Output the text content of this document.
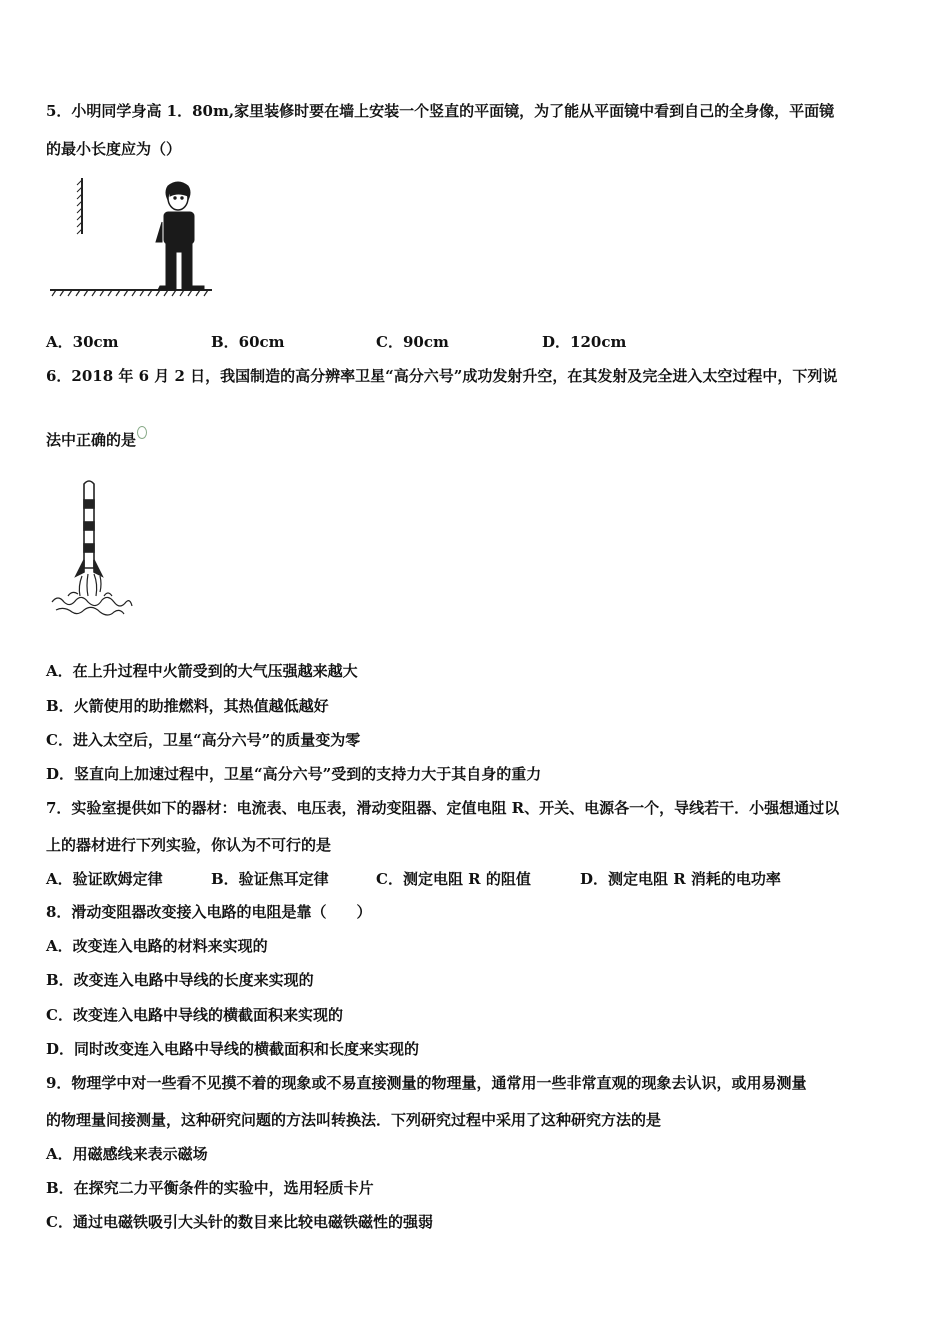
5．小明同学身高 1．80m,家里装修时要在墙上安装一个竖直的平面镜，为了能从平面镜中看到自己的全身像，平面镜
的最小长度应为（）
A．30cm	B．60cm	C．90cm	D．120cm
6．2018 年 6 月 2 日，我国制造的高分辨率卫星“高分六号”成功发射升空，在其发射及完全进入太空过程中，下列说
法中正确的是
A．在上升过程中火箭受到的大气压强越来越大
B．火箭使用的助推燃料，其热值越低越好
C．进入太空后，卫星“高分六号”的质量变为零
D．竖直向上加速过程中，卫星“高分六号”受到的支持力大于其自身的重力
7．实验室提供如下的器材：电流表、电压表，滑动变阻器、定值电阻 R、开关、电源各一个，导线若干．小强想通过以
上的器材进行下列实验，你认为不可行的是
A．验证欧姆定律	B．验证焦耳定律	C．测定电阻 R 的阻值	D．测定电阻 R 消耗的电功率
8．滑动变阻器改变接入电路的电阻是靠（　　）
A．改变连入电路的材料来实现的
B．改变连入电路中导线的长度来实现的
C．改变连入电路中导线的横截面积来实现的
D．同时改变连入电路中导线的横截面积和长度来实现的
9．物理学中对一些看不见摸不着的现象或不易直接测量的物理量，通常用一些非常直观的现象去认识，或用易测量
的物理量间接测量，这种研究问题的方法叫转换法．下列研究过程中采用了这种研究方法的是
A．用磁感线来表示磁场
B．在探究二力平衡条件的实验中，选用轻质卡片
C．通过电磁铁吸引大头针的数目来比较电磁铁磁性的强弱
